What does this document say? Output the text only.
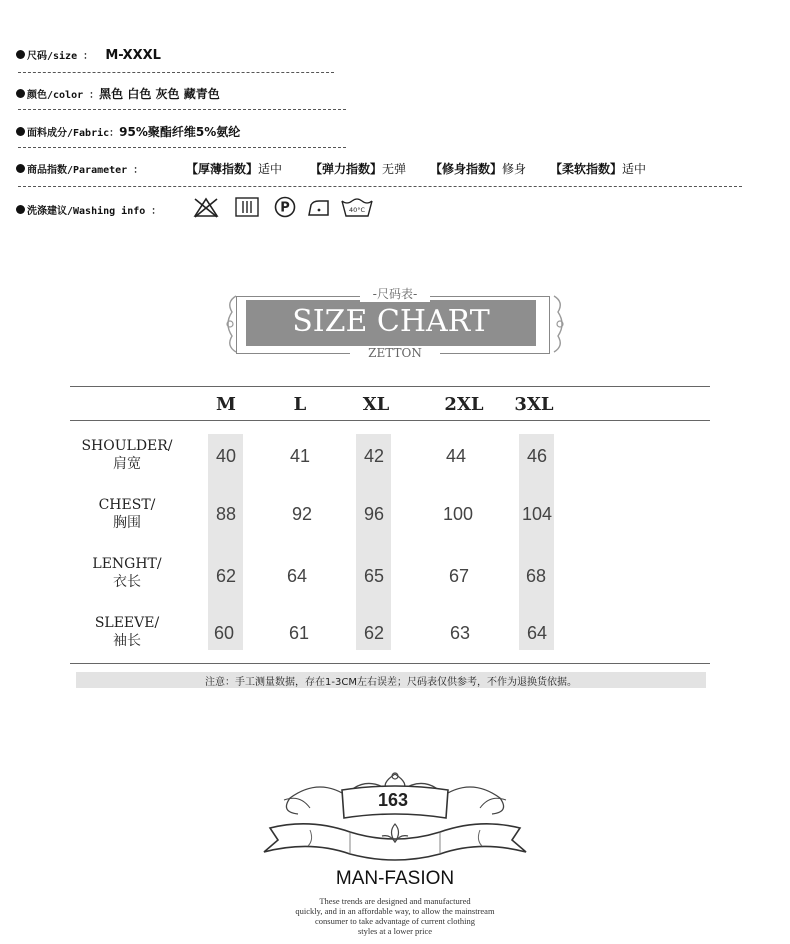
尺码/size ： M-XXXL
颜色/color ：黑色 白色 灰色 藏青色
面料成分/Fabric：95%聚酯纤维5%氨纶
商品指数/Parameter ：	【厚薄指数】适中 【弹力指数】无弹 【修身指数】修身 【柔软指数】适中
洗涤建议/Washing info ：	P	40°C
SIZE CHART
-尺码表-
ZETTON
M	L	XL	2XL	3XL
SHOULDER/
肩宽	40	41	42	44	46
CHEST/
胸围	88	92	96	100	104
LENGHT/
衣长	62	64	65	67	68
SLEEVE/
袖长	60	61	62	63	64
注意：手工测量数据，存在1-3CM左右误差；尺码表仅供参考，不作为退换货依据。
163
MAN-FASION
These trends are designed and manufactured
quickly, and in an affordable way, to allow the mainstream
consumer to take advantage of current clothing
styles at a lower price
